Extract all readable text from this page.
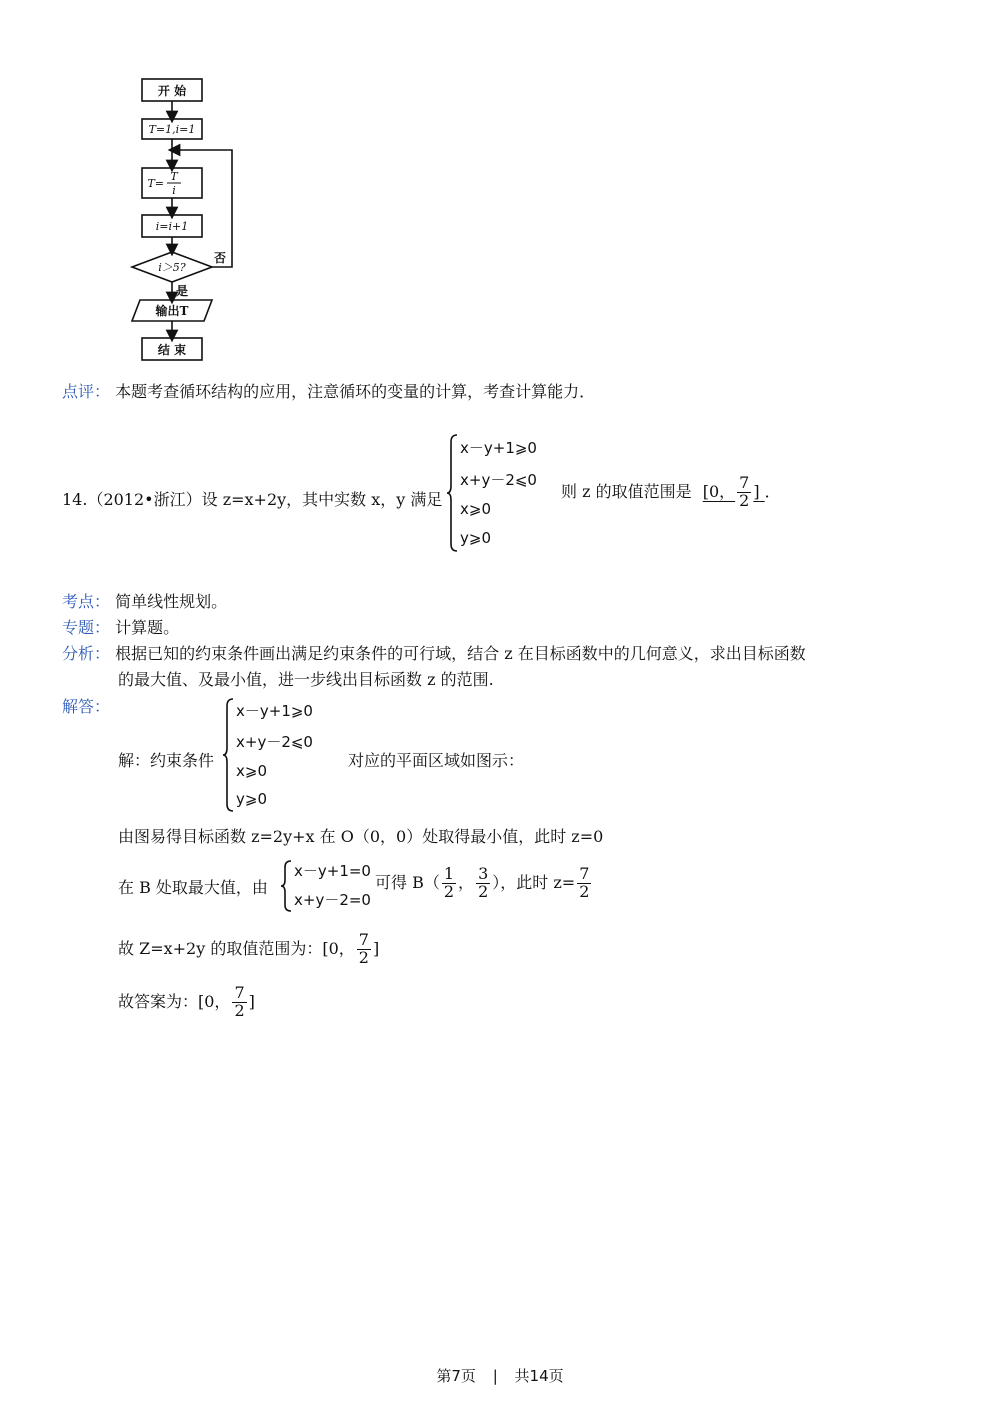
开 始
T=1,i=1
T=
T
i
i=i+1
i＞5?
否
是
输出T
结 束
点评： 本题考查循环结构的应用，注意循环的变量的计算，考查计算能力．
14.（2012•浙江）设 z=x+2y，其中实数 x，y 满足
x－y+1⩾0
x+y－2⩽0
x⩾0
y⩾0
则 z 的取值范围是 [0， $\frac{7}{2}$ ] ．
考点： 简单线性规划。
专题： 计算题。
分析： 根据已知的约束条件画出满足约束条件的可行域，结合 z 在目标函数中的几何意义，求出目标函数
的最大值、及最小值，进一步线出目标函数 z 的范围.
解答：
解：约束条件
x－y+1⩾0
x+y－2⩽0
x⩾0
y⩾0
对应的平面区域如图示：
由图易得目标函数 z=2y+x 在 O（0，0）处取得最小值，此时 z=0
在 B 处取最大值，由
x－y+1=0
x+y－2=0
可得 $B( \frac{1}{2}$ ， $\frac{3}{2}$ ），此时 $z= \frac{7}{2}$
故 Z=x+2y 的取值范围为：[0， $\frac{7}{2}$ ]
故答案为：[0， $\frac{7}{2}$ ]
第7页 | 共14页
